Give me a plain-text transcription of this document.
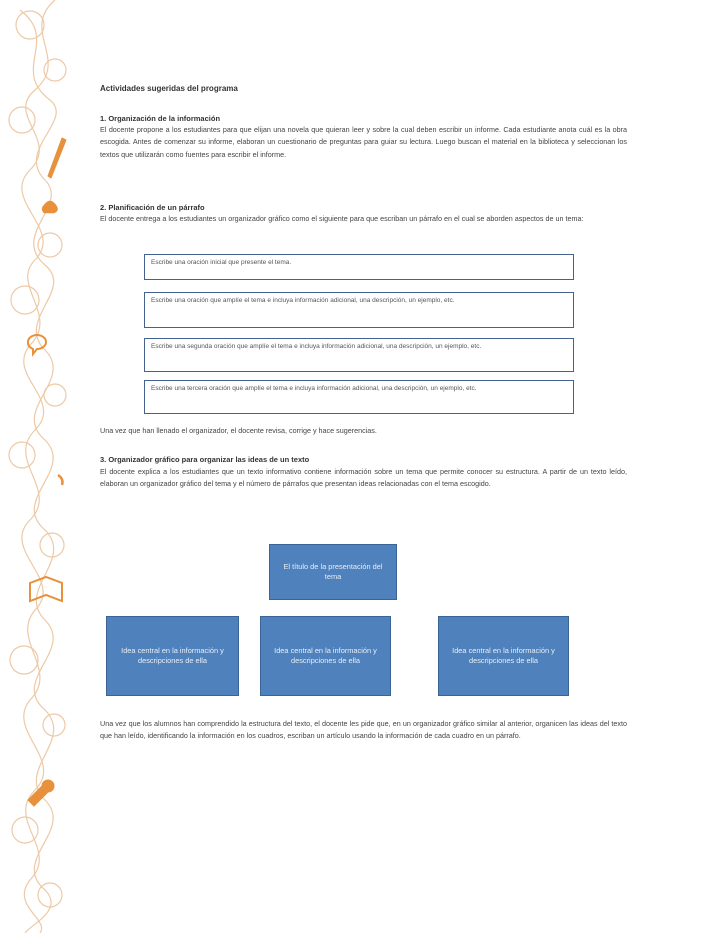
Actividades sugeridas del programa
1. Organización de la información
El docente propone a los estudiantes para que elijan una novela que quieran leer y sobre la cual deben escribir un informe. Cada estudiante anota cuál es la obra escogida. Antes de comenzar su informe, elaboran un cuestionario de preguntas para guiar su lectura. Luego buscan el material en la biblioteca y seleccionan los textos que utilizarán como fuentes para escribir el informe.
2. Planificación de un párrafo
El docente entrega a los estudiantes un organizador gráfico como el siguiente para que escriban un párrafo en el cual se aborden aspectos de un tema:
Escribe una oración inicial que presente el tema.
Escribe una oración que amplíe el tema e incluya información adicional, una descripción, un ejemplo, etc.
Escribe una segunda oración que amplíe el tema e incluya información adicional, una descripción, un ejemplo, etc.
Escribe una tercera oración que amplíe el tema e incluya información adicional, una descripción, un ejemplo, etc.
Una vez que han llenado el organizador, el docente revisa, corrige y hace sugerencias.
3. Organizador gráfico para organizar las ideas de un texto
El docente explica a los estudiantes que un texto informativo contiene información sobre un tema que permite conocer su estructura. A partir de un texto leído, elaboran un organizador gráfico del tema y el número de párrafos que presentan ideas relacionadas con el tema escogido.
El título de la presentación del tema
Idea central en la información y descripciones de ella
Idea central en la información y descripciones de ella
Idea central en la información y descripciones de ella
Una vez que los alumnos han comprendido la estructura del texto, el docente les pide que, en un organizador gráfico similar al anterior, organicen las ideas del texto que han leído, identificando la información en los cuadros, escriban un artículo usando la información de cada cuadro en un párrafo.
